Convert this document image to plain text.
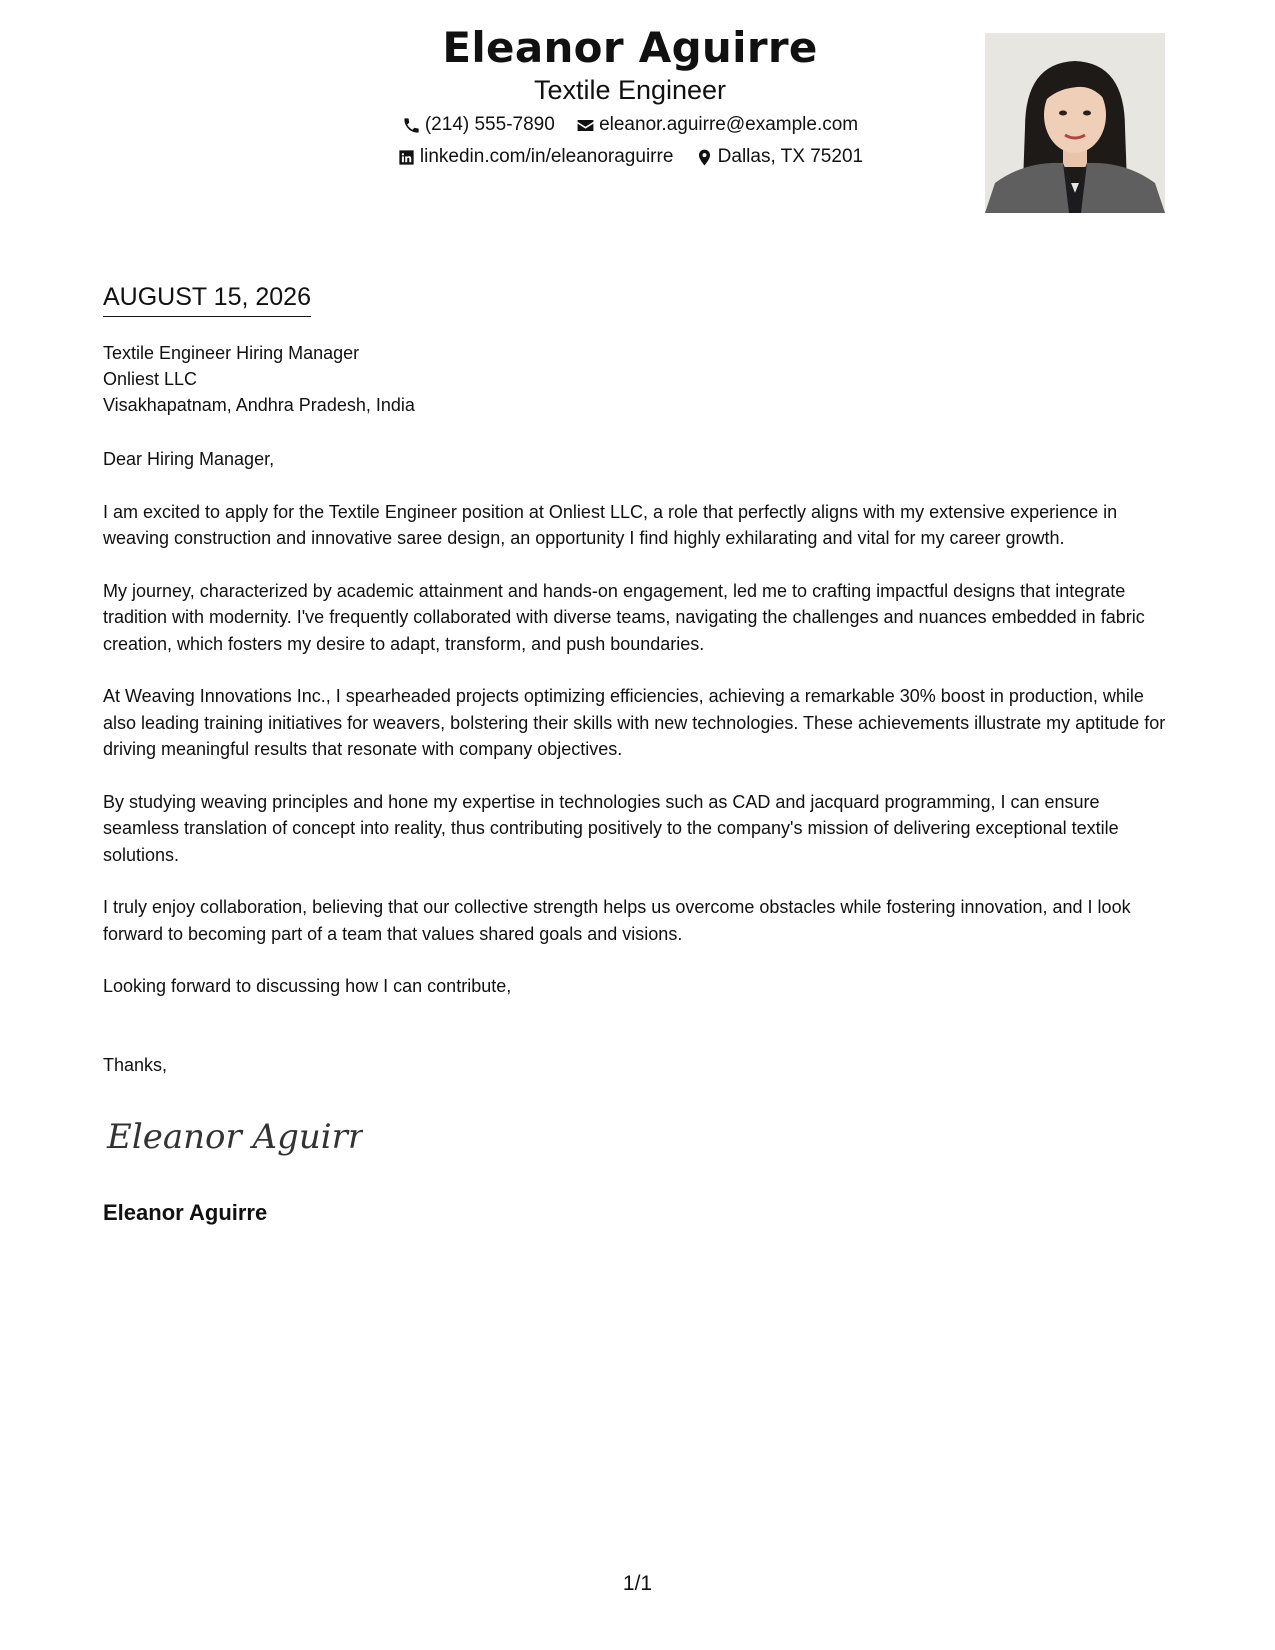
Eleanor Aguirre
Textile Engineer
(214) 555-7890
eleanor.aguirre@example.com
linkedin.com/in/eleanoraguirre
Dallas, TX 75201
AUGUST 15, 2026
Textile Engineer Hiring Manager
Onliest LLC
Visakhapatnam, Andhra Pradesh, India

Dear Hiring Manager,

I am excited to apply for the Textile Engineer position at Onliest LLC, a role that perfectly aligns with my extensive experience in weaving construction and innovative saree design, an opportunity I find highly exhilarating and vital for my career growth.

My journey, characterized by academic attainment and hands-on engagement, led me to crafting impactful designs that integrate tradition with modernity. I've frequently collaborated with diverse teams, navigating the challenges and nuances embedded in fabric creation, which fosters my desire to adapt, transform, and push boundaries.

At Weaving Innovations Inc., I spearheaded projects optimizing efficiencies, achieving a remarkable 30% boost in production, while also leading training initiatives for weavers, bolstering their skills with new technologies. These achievements illustrate my aptitude for driving meaningful results that resonate with company objectives.

By studying weaving principles and hone my expertise in technologies such as CAD and jacquard programming, I can ensure seamless translation of concept into reality, thus contributing positively to the company's mission of delivering exceptional textile solutions.

I truly enjoy collaboration, believing that our collective strength helps us overcome obstacles while fostering innovation, and I look forward to becoming part of a team that values shared goals and visions.

Looking forward to discussing how I can contribute,

Thanks,

Eleanor Aguirre
Eleanor Aguirre
1/1
